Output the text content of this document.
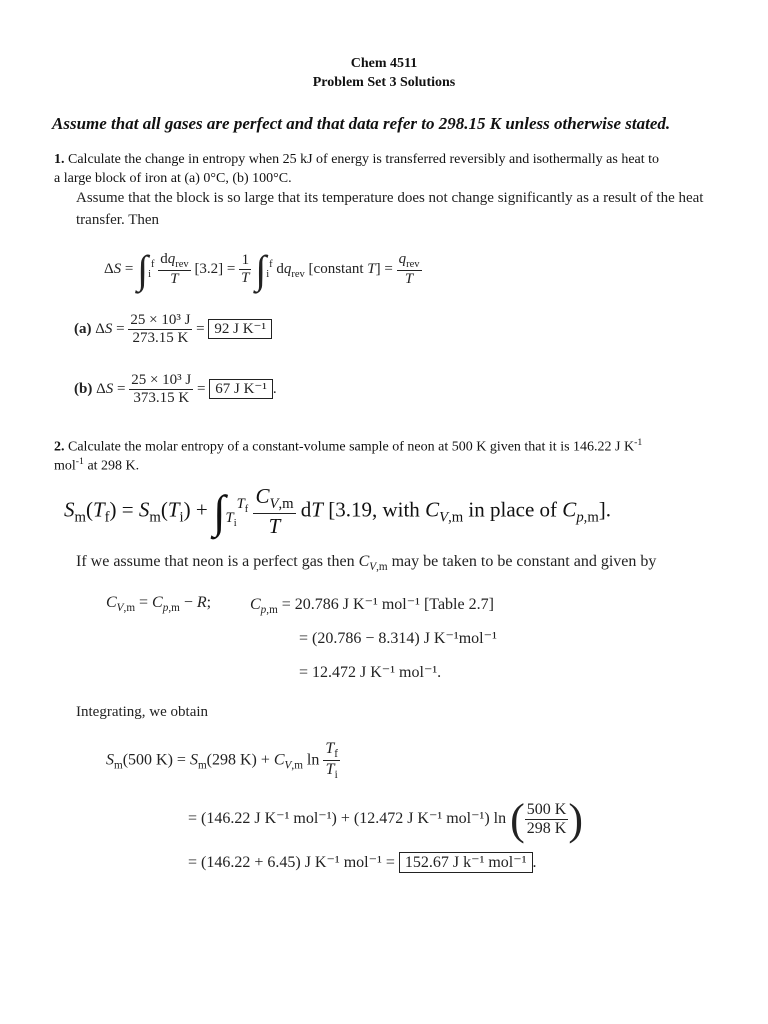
Chem 4511
Problem Set 3 Solutions
Assume that all gases are perfect and that data refer to 298.15 K unless otherwise stated.
1. Calculate the change in entropy when 25 kJ of energy is transferred reversibly and isothermally as heat to
a large block of iron at (a) 0°C, (b) 100°C.
Assume that the block is so large that its temperature does not change significantly as a result of the heat
transfer. Then
$\Delta S = \int_i^f \frac{dq_{rev}}{T} [3.2] = \frac{1}{T} \int_i^f$ $dq_{rev}$ [constant $T] = \frac{q_{rev}}{T}$
(a) $\Delta S = \frac{\text{25 × 10³ J}}{273.15 K} = 92$ J K⁻¹
(b) $\Delta S = \frac{\text{25 × 10³ J}}{373.15 K} = 67$ J K⁻¹ .
2. Calculate the molar entropy of a constant-volume sample of neon at 500 K given that it is 146.22 J $K^{-1}$
mol$^{-1}$ at 298 K.
$S_m(T_f) = S_m(T_i) + \int_{T_i}^{T_f} \frac{C_{V,m}}{T}$ dT [3.19, with $C_{V,m}$ in place of $C_{p,m}$].
If we assume that neon is a perfect gas then $C_{V,m}$ may be taken to be constant and given by
$C_{V,m} = C_{p,m} - R$; $C_{p,m} = 20.786$ J K⁻¹ mol⁻¹ [Table 2.7]
= (20.786 − 8.314) J K⁻¹mol⁻¹
= 12.472 J K⁻¹ mol⁻¹.
Integrating, we obtain
$S_m(500$ $K) = S_m(298$ $K) + C_{V,m}$ $\ln \frac{T_f}{T_i}$
= (146.22 J K⁻¹ mol⁻¹) + (12.472 J K⁻¹ mol⁻¹) ln ( $\frac{500 K}{298 K}$ )
= (146.22 + 6.45) J K⁻¹ mol⁻¹ = 152.67 J k⁻¹ mol⁻¹ .
